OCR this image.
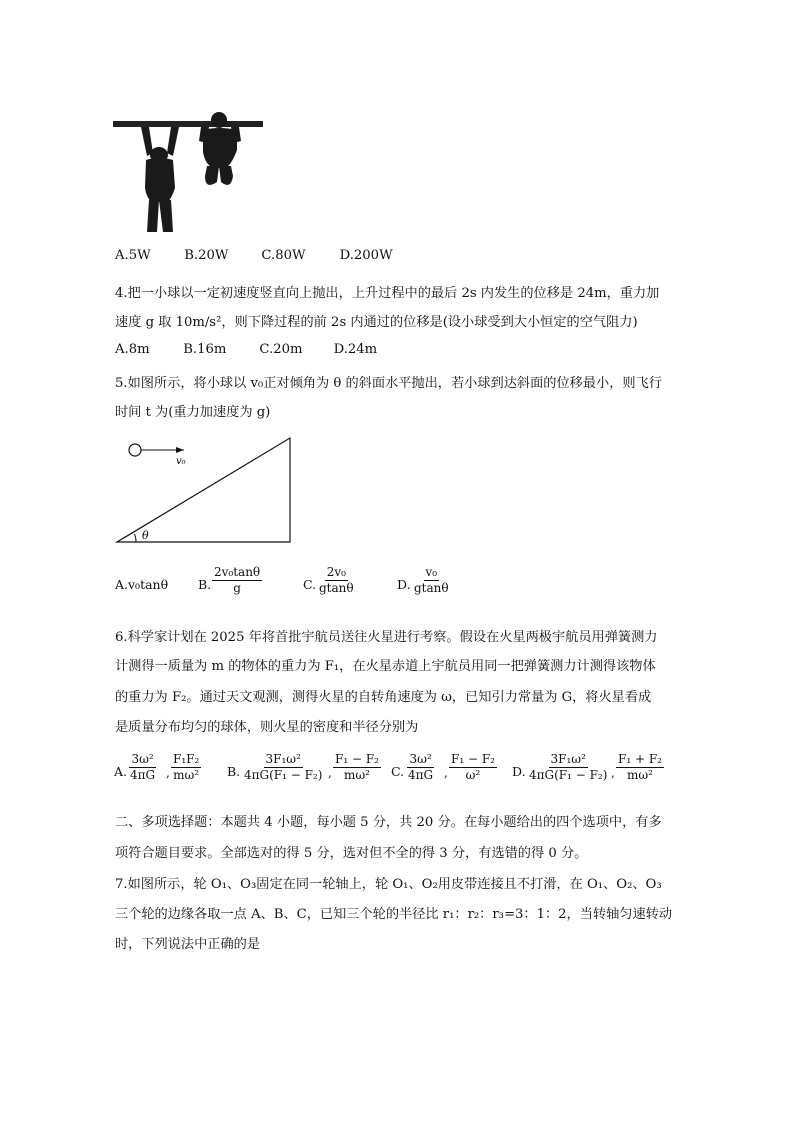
A.5W	B.20W C.80W	D.200W
4.把一小球以一定初速度竖直向上抛出，上升过程中的最后 2s 内发生的位移是 24m，重力加
速度 g 取 10m/s²，则下降过程的前 2s 内通过的位移是(设小球受到大小恒定的空气阻力)
A.8m	B.16m	C.20m D.24m
5.如图所示，将小球以 v₀正对倾角为 θ 的斜面水平抛出，若小球到达斜面的位移最小，则飞行
时间 t 为(重力加速度为 g)
v₀
θ
A.v₀tanθ B. $\frac{\text{2v₀tanθ}}{g}$	C. $\frac{\text{2v₀}}{gtan\theta}$	D. $\frac{\text{v₀}}{gtan\theta}$
6.科学家计划在 2025 年将首批宇航员送往火星进行考察。假设在火星两极宇航员用弹簧测力
计测得一质量为 m 的物体的重力为 F₁，在火星赤道上宇航员用同一把弹簧测力计测得该物体
的重力为 F₂。通过天文观测，测得火星的自转角速度为 ω，已知引力常量为 G，将火星看成
是质量分布均匀的球体，则火星的密度和半径分别为
A. $\frac{\text{3ω²}}{4\pi G}$ , $\frac{\text{F₁F₂}}{\text{mω²}} B$. $\frac{\text{3F₁ω²}}{\text{4πG(F₁ − F₂)}}$ , $\frac{\text{F₁ − F₂}}{\text{mω²}} C$. $\frac{\text{3ω²}}{4\pi G}$ , $\frac{\text{F₁ − F₂}}{\text{ω²}} D$. $\frac{\text{3F₁ω²}}{\text{4πG(F₁ − F₂)}}$ , $\frac{\text{F₁ + F₂}}{\text{mω²}}$
二、多项选择题：本题共 4 小题，每小题 5 分，共 20 分。在每小题给出的四个选项中，有多
项符合题目要求。全部选对的得 5 分，选对但不全的得 3 分，有选错的得 0 分。
7.如图所示，轮 O₁、O₃固定在同一轮轴上，轮 O₁、O₂用皮带连接且不打滑，在 O₁、O₂、O₃
三个轮的边缘各取一点 A、B、C，已知三个轮的半径比 r₁：r₂：r₃=3：1：2，当转轴匀速转动
时，下列说法中正确的是
